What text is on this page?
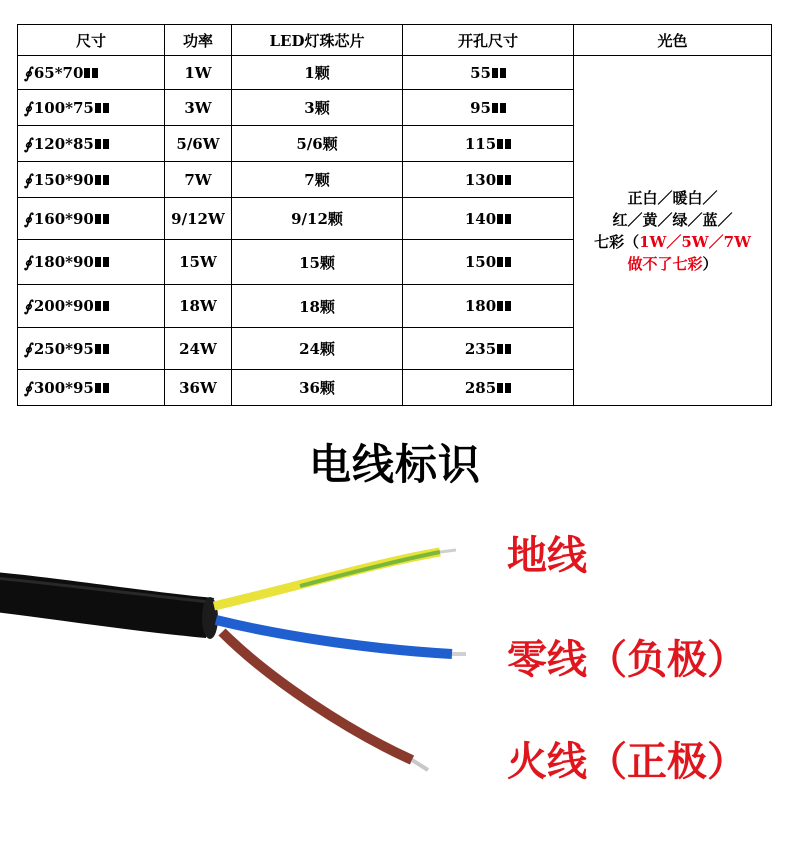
尺寸	功率	LED灯珠芯片	开孔尺寸	光色
∮ 65*70	1W	1颗	55	正白／暖白／
红／黄／绿／蓝／
七彩（1W／5W／7W
做不了七彩）

∮ 100*75	3W	3颗	95	
∮ 120*85	5/6W	5/6颗	115	
∮ 150*90	7W	7颗	130	
∮ 160*90	9/12W	9/12颗	140	
∮ 180*90	15W	15颗	150	
∮ 200*90	18W	18颗	180	
∮ 250*95	24W	24颗	235	
∮ 300*95	36W	36颗	285	
电线标识
地线
零线（负极）
火线（正极）
